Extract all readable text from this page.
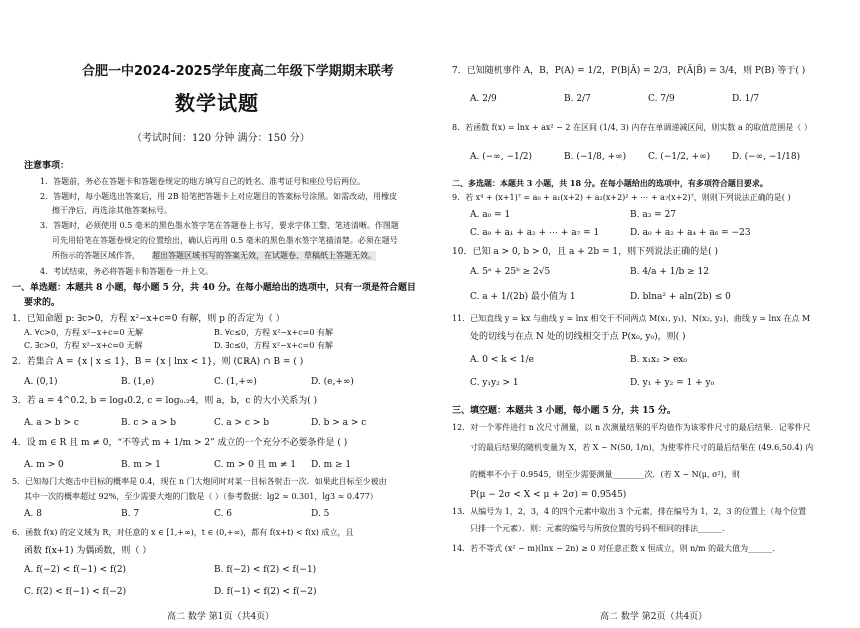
合肥一中2024-2025学年度高二年级下学期期末联考
数学试题
（考试时间：120 分钟 满分：150 分）
注意事项：
1．答题前，务必在答题卡和答题卷规定的地方填写自己的姓名、准考证号和座位号后两位。
2．答题时，每小题选出答案后，用 2B 铅笔把答题卡上对应题目的答案标号涂黑。如需改动，用橡皮
擦干净后，再选涂其他答案标号。
3．答题时，必须使用 0.5 毫米的黑色墨水签字笔在答题卷上书写，要求字体工整、笔迹清晰。作图题
可先用铅笔在答题卷规定的位置绘出，确认后再用 0.5 毫米的黑色墨水签字笔描清楚。必须在题号
所指示的答题区域作答， 超出答题区域书写的答案无效，在试题卷、草稿纸上答题无效。
4．考试结束，务必将答题卡和答题卷一并上交。
一、单选题：本题共 8 小题，每小题 5 分，共 40 分。在每小题给出的选项中，只有一项是符合题目
要求的。
1．已知命题 p: ∃c>0，方程 x²−x+c=0 有解，则 p 的否定为（ ）
A. ∀c>0，方程 x²−x+c=0 无解	B. ∀c≤0，方程 x²−x+c=0 有解
C. ∃c>0，方程 x²−x+c=0 无解	D. ∃c≤0，方程 x²−x+c=0 有解
2．若集合 A = {x | x ≤ 1}，B = {x | lnx < 1}，则 (∁ℝA) ∩ B = ( )
A. (0,1)	B. (1,e)	C. (1,+∞)	D. (e,+∞)
3．若 a = 4^0.2, b = log₄0.2, c = log₀.₂4，则 a，b，c 的大小关系为( )
A. a > b > c	B. c > a > b	C. a > c > b	D. b > a > c
4．设 m ∈ R 且 m ≠ 0，“不等式 m + 1/m > 2” 成立的一个充分不必要条件是 ( )
A. m > 0	B. m > 1	C. m > 0 且 m ≠ 1 D. m ≥ 1
5．已知每门大炮击中目标的概率是 0.4，现在 n 门大炮同时对某一目标各射击一次．如果此目标至少被由
其中一次的概率超过 92%，至少需要大炮的门数是（ ）（参考数据：lg2 ≈ 0.301，lg3 ≈ 0.477）
A. 8	B. 7	C. 6	D. 5
6．函数 f(x) 的定义域为 R，对任意的 x ∈ [1,+∞)，t ∈ (0,+∞)，都有 f(x+t) < f(x) 成立，且
函数 f(x+1) 为偶函数，则（ ）
A. f(−2) < f(−1) < f(2)	B. f(−2) < f(2) < f(−1)
C. f(2) < f(−1) < f(−2)	D. f(−1) < f(2) < f(−2)
高二 数学 第1页（共4页）
7．已知随机事件 A，B，P(A) = 1/2，P(B|Ā) = 2/3，P(Ā|B̄) = 3/4，则 P(B) 等于( )
A. 2/9	B. 2/7	C. 7/9	D. 1/7
8．若函数 f(x) = lnx + ax² − 2 在区间 (1/4, 3) 内存在单调递减区间，则实数 a 的取值范围是（ ）
A. (−∞, −1/2)	B. (−1/8, +∞) C. (−1/2, +∞) D. (−∞, −1/18)
二、多选题：本题共 3 小题，共 18 分。在每小题给出的选项中，有多项符合题目要求。
9．若 x⁴ + (x+1)⁷ = a₀ + a₁(x+2) + a₂(x+2)² + ⋯ + a₇(x+2)⁷，则则下列说法正确的是( )
A. a₀ = 1	B. a₃ = 27
C. a₀ + a₁ + a₂ + ⋯ + a₇ = 1	D. a₀ + a₂ + a₄ + a₆ = −23
10．已知 a > 0, b > 0，且 a + 2b = 1，则下列说法正确的是( )
A. 5ᵃ + 25ᵇ ≥ 2√5	B. 4/a + 1/b ≥ 12
C. a + 1/(2b) 最小值为 1	D. blna² + aln(2b) ≤ 0
11．已知直线 y = kx 与曲线 y = lnx 相交于不同两点 M(x₁, y₁)，N(x₂, y₂)，曲线 y = lnx 在点 M
处的切线与在点 N 处的切线相交于点 P(x₀, y₀)，则( )
A. 0 < k < 1/e	B. x₁x₂ > ex₀
C. y₁y₂ > 1	D. y₁ + y₂ = 1 + y₀
三、填空题：本题共 3 小题，每小题 5 分，共 15 分。
12．对一个零件进行 n 次尺寸测量，以 n 次测量结果的平均值作为该零件尺寸的最后结果．记零件尺
寸的最后结果的随机变量为 X，若 X ~ N(50, 1/n)，为使零件尺寸的最后结果在 (49.6,50.4) 内
的概率不小于 0.9545，则至少需要测量________次．(若 X ~ N(μ, σ²)，则
P(μ − 2σ < X < μ + 2σ) = 0.9545)
13．从编号为 1，2，3，4 的四个元素中取出 3 个元素，排在编号为 1，2，3 的位置上（每个位置
只排一个元素）．则：元素的编号与所放位置的号码不相同的排法______．
14．若不等式 (x² − m)(lnx − 2n) ≥ 0 对任意正数 x 恒成立，则 n/m 的最大值为______．
高二 数学 第2页（共4页）
